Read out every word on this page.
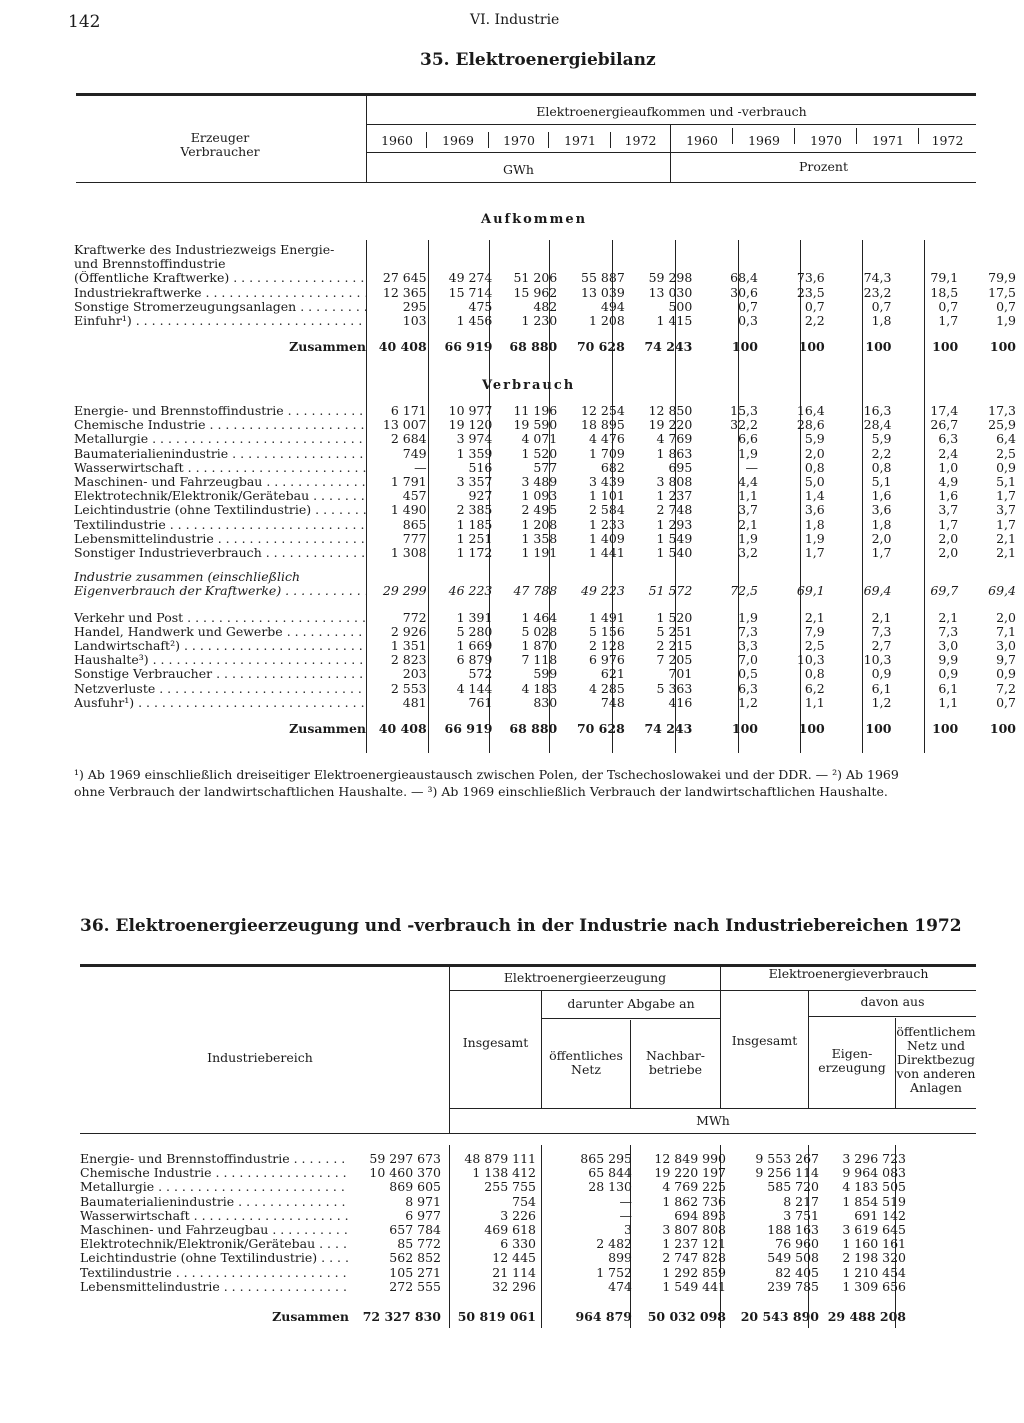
142	VI. Industrie
35. Elektroenergiebilanz
Erzeuger
Verbraucher
Elektroenergieaufkommen und -verbrauch
1960	1969	1970	1971	1972	1960	1969	1970	1971	1972
GWh	Prozent
Aufkommen
Kraftwerke des Industriezweigs Energie-										
und Brennstoffindustrie										
(Öffentliche Kraftwerke) . . .	27 645	49 274	51 206	55 887	59 298	68,4	73,6	74,3	79,1	79,9
Industriekraftwerke . . .	12 365	15 714	15 962	13 039	13 030	30,6	23,5	23,2	18,5	17,5
Sonstige Stromerzeugungsanlagen . . .	295	475	482	494	500	0,7	0,7	0,7	0,7	0,7
Einfuhr¹) . . .	103	1 456	1 230	1 208	1 415	0,3	2,2	1,8	1,7	1,9
Zusammen	40 408	66 919	68 880	70 628	74 243	100	100	100	100	100
Verbrauch
Energie- und Brennstoffindustrie . . .	6 171	10 977	11 196	12 254	12 850	15,3	16,4	16,3	17,4	17,3
Chemische Industrie . . .	13 007	19 120	19 590	18 895	19 220	32,2	28,6	28,4	26,7	25,9
Metallurgie . . .	2 684	3 974	4 071	4 476	4 769	6,6	5,9	5,9	6,3	6,4
Baumaterialienindustrie . . .	749	1 359	1 520	1 709	1 863	1,9	2,0	2,2	2,4	2,5
Wasserwirtschaft . . .	—	516	577	682	695	—	0,8	0,8	1,0	0,9
Maschinen- und Fahrzeugbau . . .	1 791	3 357	3 489	3 439	3 808	4,4	5,0	5,1	4,9	5,1
Elektrotechnik/Elektronik/Gerätebau . . .	457	927	1 093	1 101	1 237	1,1	1,4	1,6	1,6	1,7
Leichtindustrie (ohne Textilindustrie) . . .	1 490	2 385	2 495	2 584	2 748	3,7	3,6	3,6	3,7	3,7
Textilindustrie . . .	865	1 185	1 208	1 233	1 293	2,1	1,8	1,8	1,7	1,7
Lebensmittelindustrie . . .	777	1 251	1 358	1 409	1 549	1,9	1,9	2,0	2,0	2,1
Sonstiger Industrieverbrauch . . .	1 308	1 172	1 191	1 441	1 540	3,2	1,7	1,7	2,0	2,1

Industrie zusammen (einschließlich										
Eigenverbrauch der Kraftwerke) . . .	29 299	46 223	47 788	49 223	51 572	72,5	69,1	69,4	69,7	69,4

Verkehr und Post . . .	772	1 391	1 464	1 491	1 520	1,9	2,1	2,1	2,1	2,0
Handel, Handwerk und Gewerbe . . .	2 926	5 280	5 028	5 156	5 251	7,3	7,9	7,3	7,3	7,1
Landwirtschaft²) . . .	1 351	1 669	1 870	2 128	2 215	3,3	2,5	2,7	3,0	3,0
Haushalte³) . . .	2 823	6 879	7 118	6 976	7 205	7,0	10,3	10,3	9,9	9,7
Sonstige Verbraucher . . .	203	572	599	621	701	0,5	0,8	0,9	0,9	0,9
Netzverluste . . .	2 553	4 144	4 183	4 285	5 363	6,3	6,2	6,1	6,1	7,2
Ausfuhr¹) . . .	481	761	830	748	416	1,2	1,1	1,2	1,1	0,7
Zusammen	40 408	66 919	68 880	70 628	74 243	100	100	100	100	100
¹) Ab 1969 einschließlich dreiseitiger Elektroenergieaustausch zwischen Polen, der Tschechoslowakei und der DDR. — ²) Ab 1969
ohne Verbrauch der landwirtschaftlichen Haushalte. — ³) Ab 1969 einschließlich Verbrauch der landwirtschaftlichen Haushalte.
36. Elektroenergieerzeugung und -verbrauch in der Industrie nach Industriebereichen 1972
Industriebereich
Elektroenergieerzeugung
darunter Abgabe an
Insgesamt
öffentliches
Netz
Nachbar-
betriebe
Elektroenergieverbrauch
davon aus
Insgesamt
Eigen-
erzeugung
öffentlichem
Netz und
Direktbezug
von anderen
Anlagen
MWh
Energie- und Brennstoffindustrie . . .	59 297 673	48 879 111	865 295	12 849 990	9 553 267	3 296 723
Chemische Industrie . . .	10 460 370	1 138 412	65 844	19 220 197	9 256 114	9 964 083
Metallurgie . . .	869 605	255 755	28 130	4 769 225	585 720	4 183 505
Baumaterialienindustrie . . .	8 971	754	—	1 862 736	8 217	1 854 519
Wasserwirtschaft . . .	6 977	3 226	—	694 893	3 751	691 142
Maschinen- und Fahrzeugbau . . .	657 784	469 618	3	3 807 808	188 163	3 619 645
Elektrotechnik/Elektronik/Gerätebau . . .	85 772	6 330	2 482	1 237 121	76 960	1 160 161
Leichtindustrie (ohne Textilindustrie) . . .	562 852	12 445	899	2 747 828	549 508	2 198 320
Textilindustrie . . .	105 271	21 114	1 752	1 292 859	82 405	1 210 454
Lebensmittelindustrie . . .	272 555	32 296	474	1 549 441	239 785	1 309 656
Zusammen	72 327 830	50 819 061	964 879	50 032 098	20 543 890	29 488 208
